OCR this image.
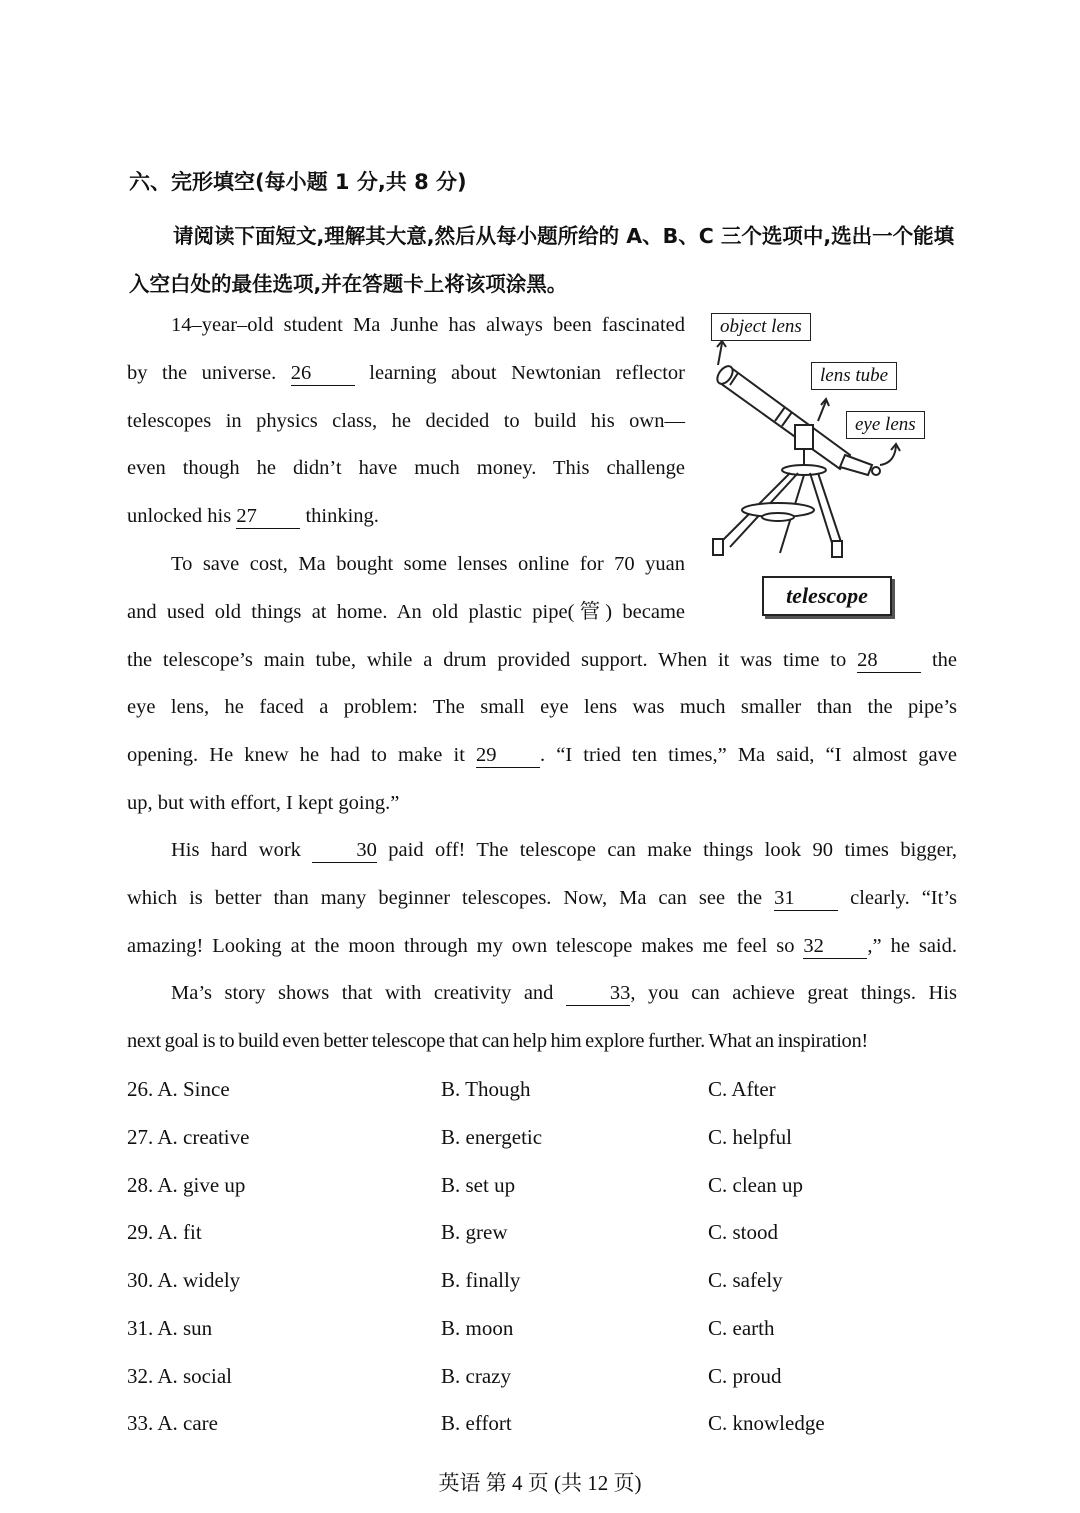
六、完形填空(每小题 1 分,共 8 分)
请阅读下面短文,理解其大意,然后从每小题所给的 A、B、C 三个选项中,选出一个能填入空白处的最佳选项,并在答题卡上将该项涂黑。
14–year–old student Ma Junhe has always been fascinated
by the universe. 26	learning about Newtonian reflector
telescopes in physics class, he decided to build his own—
even though he didn’t have much money. This challenge
unlocked his 27 thinking.
To save cost, Ma bought some lenses online for 70 yuan
and used old things at home. An old plastic pipe(管) became
the telescope’s main tube, while a drum provided support. When it was time to 28	the
eye lens, he faced a problem: The small eye lens was much smaller than the pipe’s
opening. He knew he had to make it 29 . “I tried ten times,” Ma said, “I almost gave
up, but with effort, I kept going.”
His hard work	30 paid off! The telescope can make things look 90 times bigger,
which is better than many beginner telescopes. Now, Ma can see the 31	clearly. “It’s
amazing! Looking at the moon through my own telescope makes me feel so 32 ,” he said.
Ma’s story shows that with creativity and	33, you can achieve great things. His
next goal is to build even better telescope that can help him explore further. What an inspiration!
object lens
lens tube
eye lens
telescope
26. A. Since	B. Though	C. After
27. A. creative	B. energetic	C. helpful
28. A. give up	B. set up	C. clean up
29. A. fit	B. grew	C. stood
30. A. widely	B. finally	C. safely
31. A. sun	B. moon	C. earth
32. A. social	B. crazy	C. proud
33. A. care	B. effort	C. knowledge
英语 第 4 页 (共 12 页)
